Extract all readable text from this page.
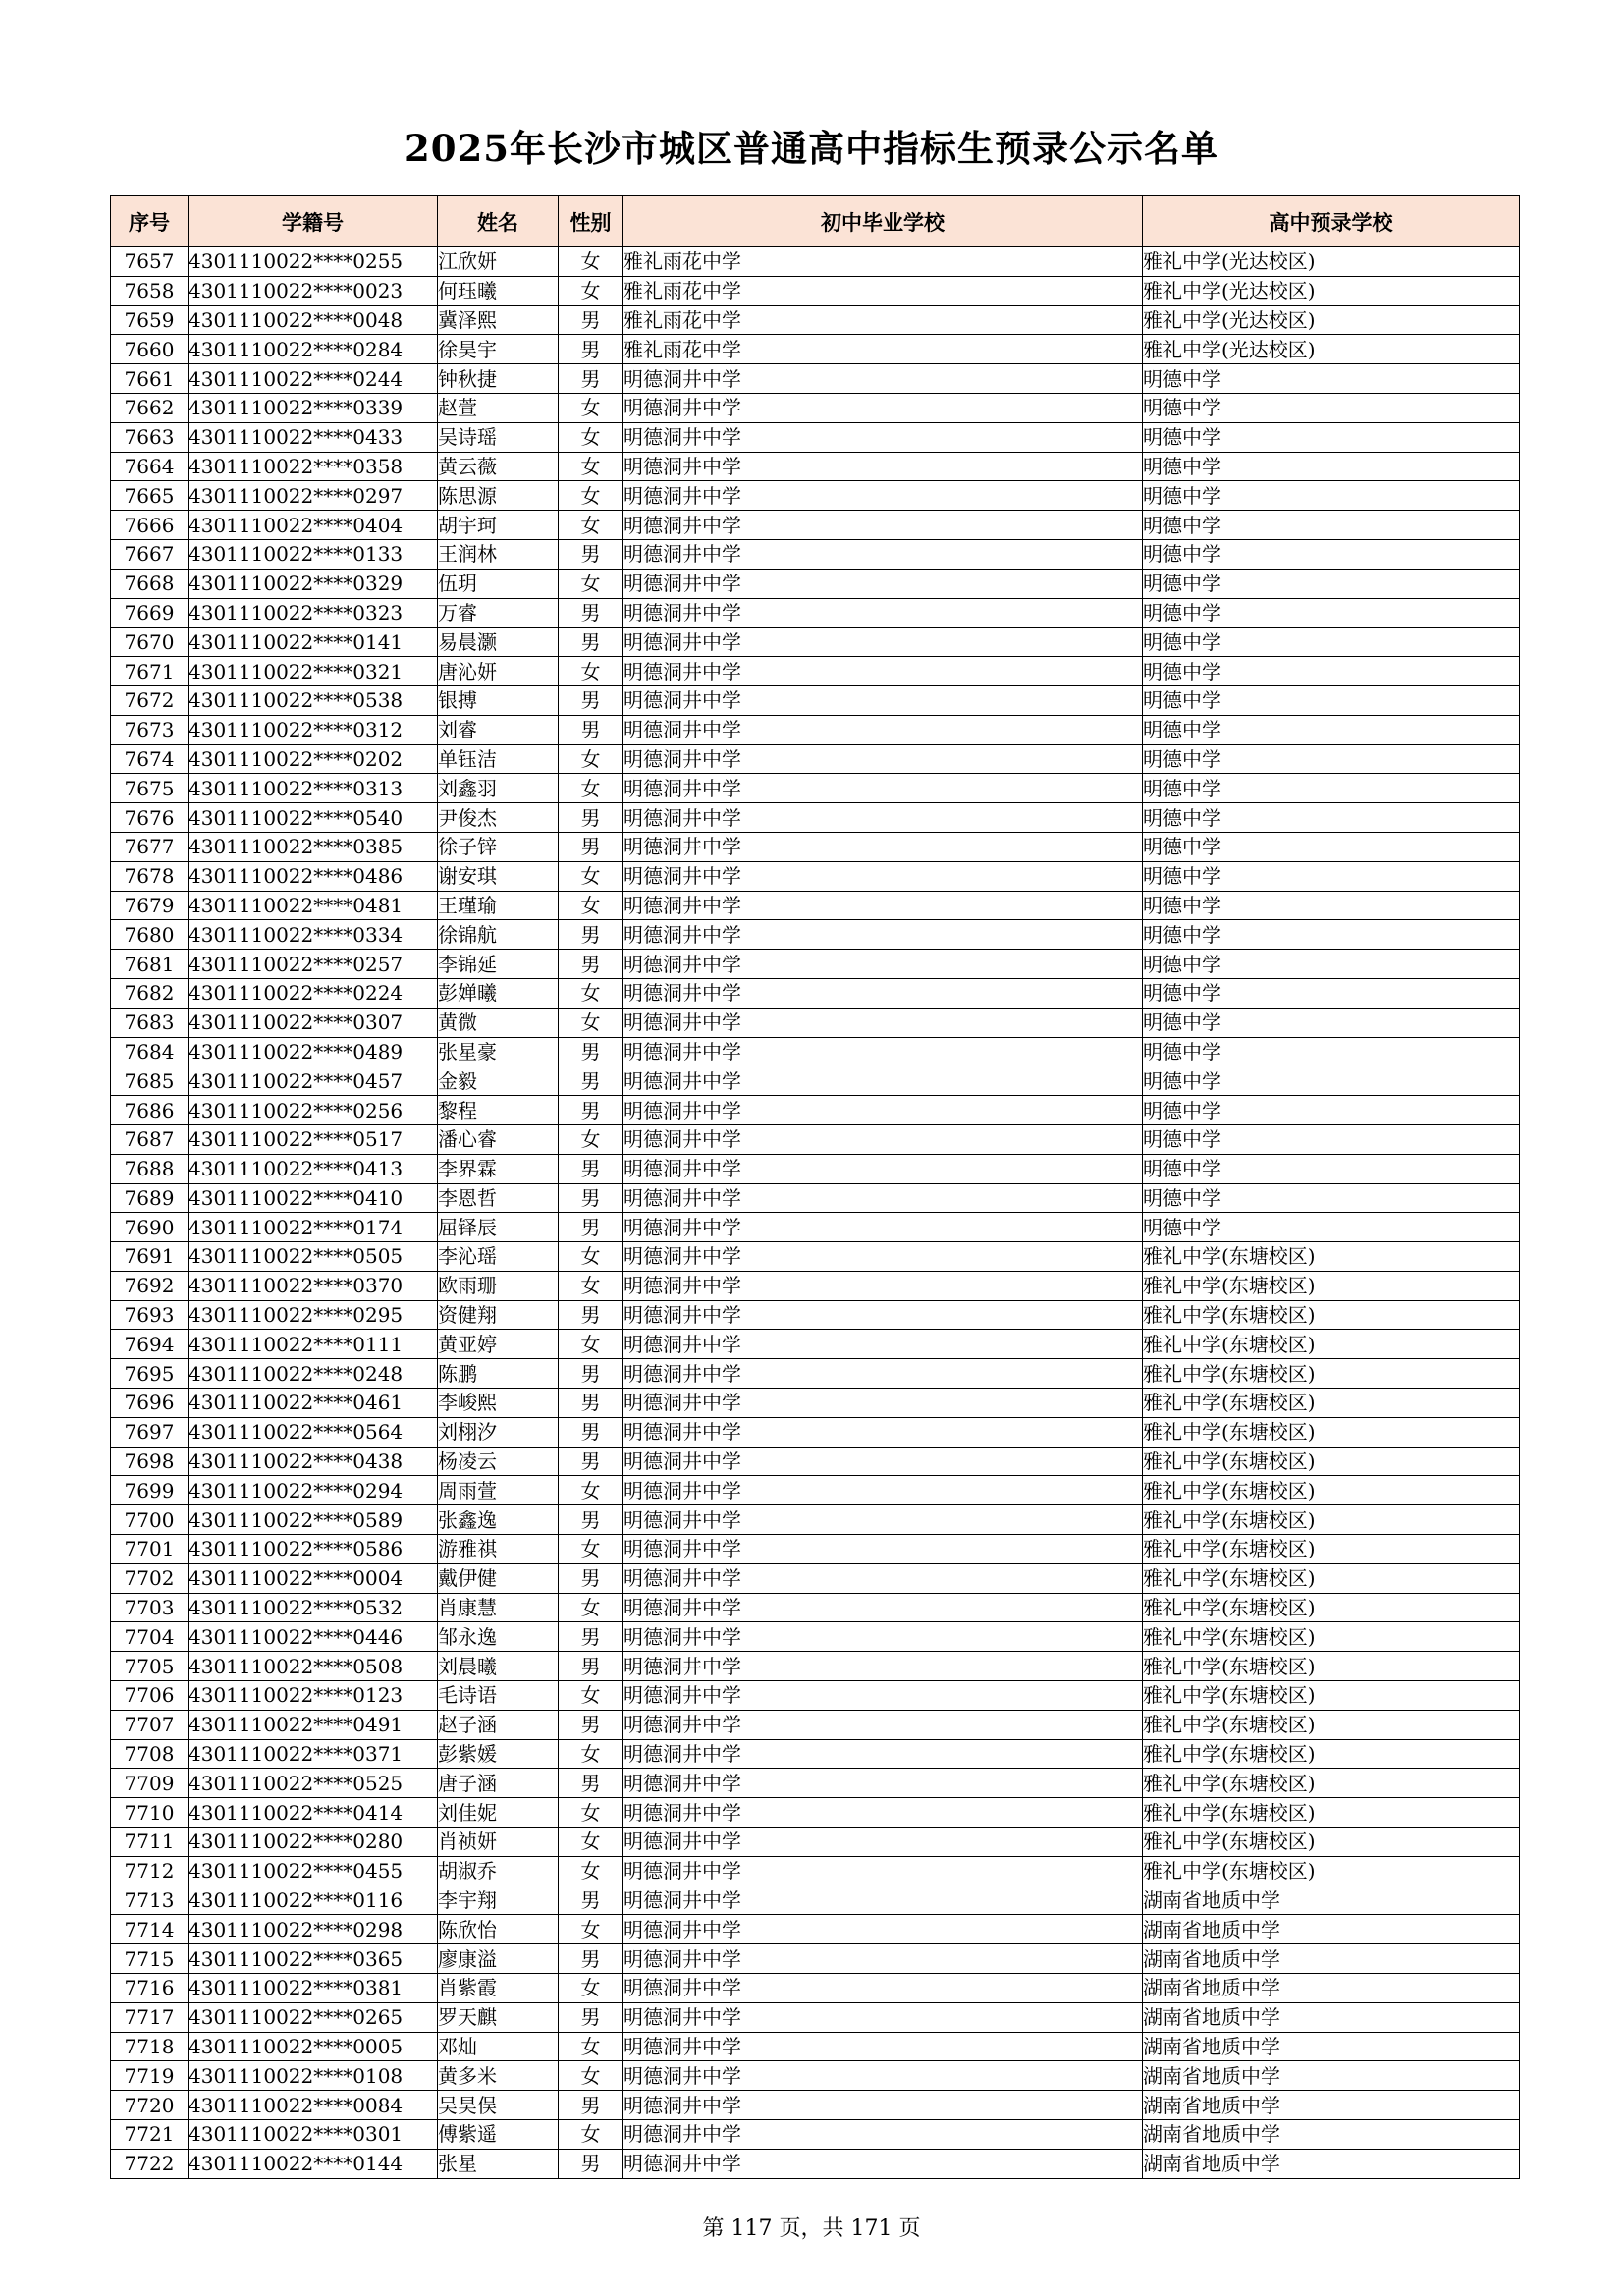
2025年长沙市城区普通高中指标生预录公示名单
序号	学籍号	姓名	性别	初中毕业学校	高中预录学校
7657	4301110022****0255	江欣妍	女	雅礼雨花中学	雅礼中学(光达校区)
7658	4301110022****0023	何珏曦	女	雅礼雨花中学	雅礼中学(光达校区)
7659	4301110022****0048	冀泽熙	男	雅礼雨花中学	雅礼中学(光达校区)
7660	4301110022****0284	徐昊宇	男	雅礼雨花中学	雅礼中学(光达校区)
7661	4301110022****0244	钟秋捷	男	明德洞井中学	明德中学
7662	4301110022****0339	赵萱	女	明德洞井中学	明德中学
7663	4301110022****0433	吴诗瑶	女	明德洞井中学	明德中学
7664	4301110022****0358	黄云薇	女	明德洞井中学	明德中学
7665	4301110022****0297	陈思源	女	明德洞井中学	明德中学
7666	4301110022****0404	胡宇珂	女	明德洞井中学	明德中学
7667	4301110022****0133	王润林	男	明德洞井中学	明德中学
7668	4301110022****0329	伍玥	女	明德洞井中学	明德中学
7669	4301110022****0323	万睿	男	明德洞井中学	明德中学
7670	4301110022****0141	易晨灏	男	明德洞井中学	明德中学
7671	4301110022****0321	唐沁妍	女	明德洞井中学	明德中学
7672	4301110022****0538	银搏	男	明德洞井中学	明德中学
7673	4301110022****0312	刘睿	男	明德洞井中学	明德中学
7674	4301110022****0202	单钰洁	女	明德洞井中学	明德中学
7675	4301110022****0313	刘鑫羽	女	明德洞井中学	明德中学
7676	4301110022****0540	尹俊杰	男	明德洞井中学	明德中学
7677	4301110022****0385	徐子锌	男	明德洞井中学	明德中学
7678	4301110022****0486	谢安琪	女	明德洞井中学	明德中学
7679	4301110022****0481	王瑾瑜	女	明德洞井中学	明德中学
7680	4301110022****0334	徐锦航	男	明德洞井中学	明德中学
7681	4301110022****0257	李锦延	男	明德洞井中学	明德中学
7682	4301110022****0224	彭婵曦	女	明德洞井中学	明德中学
7683	4301110022****0307	黄微	女	明德洞井中学	明德中学
7684	4301110022****0489	张星豪	男	明德洞井中学	明德中学
7685	4301110022****0457	金毅	男	明德洞井中学	明德中学
7686	4301110022****0256	黎程	男	明德洞井中学	明德中学
7687	4301110022****0517	潘心睿	女	明德洞井中学	明德中学
7688	4301110022****0413	李界霖	男	明德洞井中学	明德中学
7689	4301110022****0410	李恩哲	男	明德洞井中学	明德中学
7690	4301110022****0174	屈铎辰	男	明德洞井中学	明德中学
7691	4301110022****0505	李沁瑶	女	明德洞井中学	雅礼中学(东塘校区)
7692	4301110022****0370	欧雨珊	女	明德洞井中学	雅礼中学(东塘校区)
7693	4301110022****0295	资健翔	男	明德洞井中学	雅礼中学(东塘校区)
7694	4301110022****0111	黄亚婷	女	明德洞井中学	雅礼中学(东塘校区)
7695	4301110022****0248	陈鹏	男	明德洞井中学	雅礼中学(东塘校区)
7696	4301110022****0461	李峻熙	男	明德洞井中学	雅礼中学(东塘校区)
7697	4301110022****0564	刘栩汐	男	明德洞井中学	雅礼中学(东塘校区)
7698	4301110022****0438	杨凌云	男	明德洞井中学	雅礼中学(东塘校区)
7699	4301110022****0294	周雨萱	女	明德洞井中学	雅礼中学(东塘校区)
7700	4301110022****0589	张鑫逸	男	明德洞井中学	雅礼中学(东塘校区)
7701	4301110022****0586	游雅祺	女	明德洞井中学	雅礼中学(东塘校区)
7702	4301110022****0004	戴伊健	男	明德洞井中学	雅礼中学(东塘校区)
7703	4301110022****0532	肖康慧	女	明德洞井中学	雅礼中学(东塘校区)
7704	4301110022****0446	邹永逸	男	明德洞井中学	雅礼中学(东塘校区)
7705	4301110022****0508	刘晨曦	男	明德洞井中学	雅礼中学(东塘校区)
7706	4301110022****0123	毛诗语	女	明德洞井中学	雅礼中学(东塘校区)
7707	4301110022****0491	赵子涵	男	明德洞井中学	雅礼中学(东塘校区)
7708	4301110022****0371	彭紫媛	女	明德洞井中学	雅礼中学(东塘校区)
7709	4301110022****0525	唐子涵	男	明德洞井中学	雅礼中学(东塘校区)
7710	4301110022****0414	刘佳妮	女	明德洞井中学	雅礼中学(东塘校区)
7711	4301110022****0280	肖祯妍	女	明德洞井中学	雅礼中学(东塘校区)
7712	4301110022****0455	胡淑乔	女	明德洞井中学	雅礼中学(东塘校区)
7713	4301110022****0116	李宇翔	男	明德洞井中学	湖南省地质中学
7714	4301110022****0298	陈欣怡	女	明德洞井中学	湖南省地质中学
7715	4301110022****0365	廖康溢	男	明德洞井中学	湖南省地质中学
7716	4301110022****0381	肖紫霞	女	明德洞井中学	湖南省地质中学
7717	4301110022****0265	罗天麒	男	明德洞井中学	湖南省地质中学
7718	4301110022****0005	邓灿	女	明德洞井中学	湖南省地质中学
7719	4301110022****0108	黄多米	女	明德洞井中学	湖南省地质中学
7720	4301110022****0084	吴昊俣	男	明德洞井中学	湖南省地质中学
7721	4301110022****0301	傅紫遥	女	明德洞井中学	湖南省地质中学
7722	4301110022****0144	张星	男	明德洞井中学	湖南省地质中学
第 117 页，共 171 页
